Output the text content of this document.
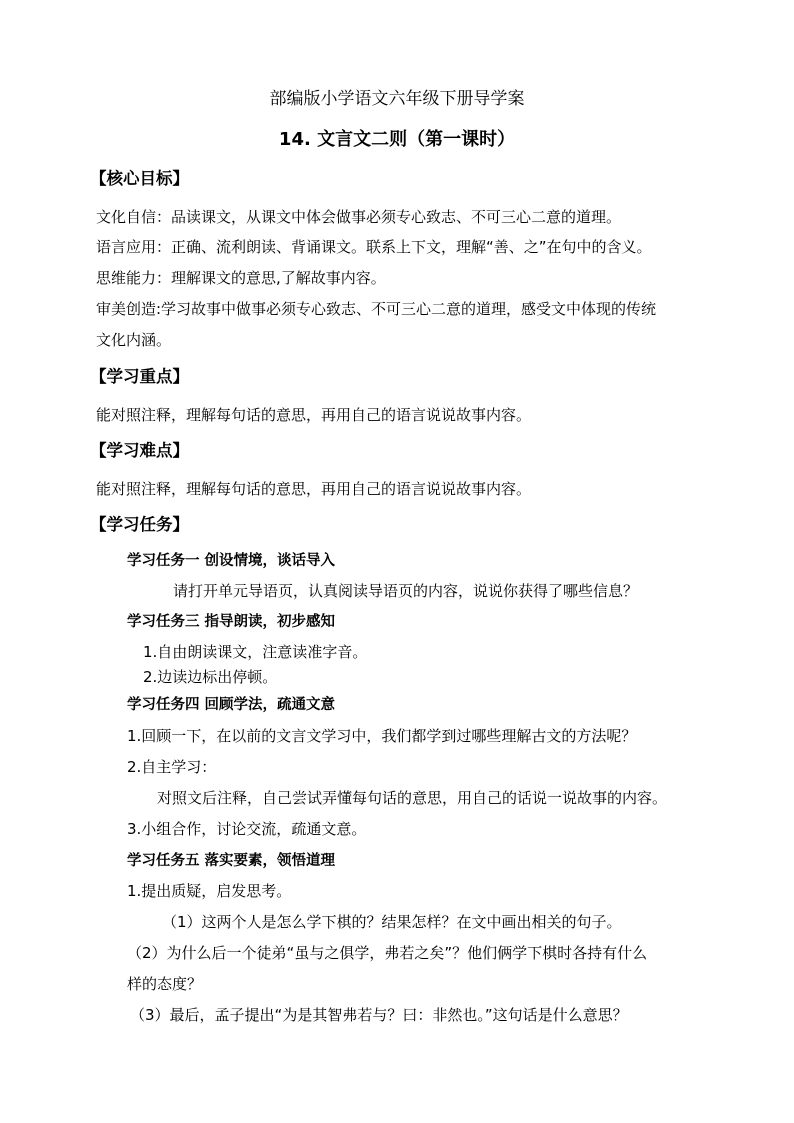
部编版小学语文六年级下册导学案
14. 文言文二则（第一课时）
【核心目标】
文化自信：品读课文，从课文中体会做事必须专心致志、不可三心二意的道理。
语言应用：正确、流利朗读、背诵课文。联系上下文，理解“善、之”在句中的含义。
思维能力：理解课文的意思,了解故事内容。
审美创造:学习故事中做事必须专心致志、不可三心二意的道理，感受文中体现的传统
文化内涵。
【学习重点】
能对照注释，理解每句话的意思，再用自己的语言说说故事内容。
【学习难点】
能对照注释，理解每句话的意思，再用自己的语言说说故事内容。
【学习任务】
学习任务一 创设情境，谈话导入
请打开单元导语页，认真阅读导语页的内容，说说你获得了哪些信息？
学习任务三 指导朗读，初步感知
1.自由朗读课文，注意读准字音。
2.边读边标出停顿。
学习任务四 回顾学法，疏通文意
1.回顾一下，在以前的文言文学习中，我们都学到过哪些理解古文的方法呢？
2.自主学习：
对照文后注释，自己尝试弄懂每句话的意思，用自己的话说一说故事的内容。
3.小组合作，讨论交流，疏通文意。
学习任务五 落实要素，领悟道理
1.提出质疑，启发思考。
（1）这两个人是怎么学下棋的？结果怎样？在文中画出相关的句子。
（2）为什么后一个徒弟“虽与之俱学，弗若之矣”？他们俩学下棋时各持有什么
样的态度？
（3）最后，孟子提出“为是其智弗若与？曰：非然也。”这句话是什么意思？
